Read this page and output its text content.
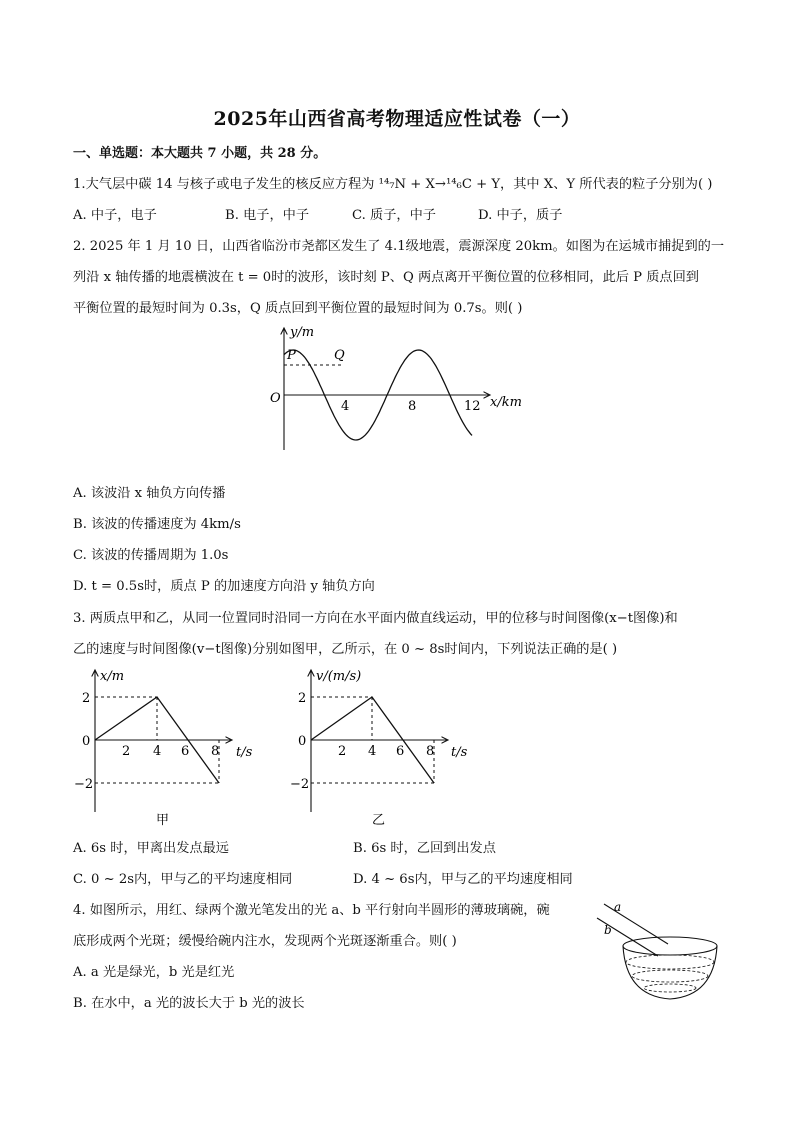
2025年山西省高考物理适应性试卷（一）
一、单选题：本大题共 7 小题，共 28 分。
1.大气层中碳 14 与核子或电子发生的核反应方程为 ¹⁴₇N + X→¹⁴₆C + Y，其中 X、Y 所代表的粒子分别为( )
A. 中子，电子	B. 电子，中子	C. 质子，中子	D. 中子，质子
2. 2025 年 1 月 10 日，山西省临汾市尧都区发生了 4.1级地震，震源深度 20km。如图为在运城市捕捉到的一
列沿 x 轴传播的地震横波在 t = 0时的波形，该时刻 P、Q 两点离开平衡位置的位移相同，此后 P 质点回到
平衡位置的最短时间为 0.3s，Q 质点回到平衡位置的最短时间为 0.7s。则( )
P	Q
y/m
x/km
O
4	8	12
A. 该波沿 x 轴负方向传播
B. 该波的传播速度为 4km/s
C. 该波的传播周期为 1.0s
D. t = 0.5s时，质点 P 的加速度方向沿 y 轴负方向
3. 两质点甲和乙，从同一位置同时沿同一方向在水平面内做直线运动，甲的位移与时间图像(x−t图像)和
乙的速度与时间图像(v−t图像)分别如图甲，乙所示，在 0 ~ 8s时间内，下列说法正确的是( )
x/m
t/s
0
2
−2
2 4 6 8
甲
v/(m/s)
t/s
0
2
−2
2 4 6 8
乙
A. 6s 时，甲离出发点最远	B. 6s 时，乙回到出发点
C. 0 ~ 2s内，甲与乙的平均速度相同	D. 4 ~ 6s内，甲与乙的平均速度相同
4. 如图所示，用红、绿两个激光笔发出的光 a、b 平行射向半圆形的薄玻璃碗，碗
底形成两个光斑；缓慢给碗内注水，发现两个光斑逐渐重合。则( )
a
b
A. a 光是绿光，b 光是红光
B. 在水中，a 光的波长大于 b 光的波长
